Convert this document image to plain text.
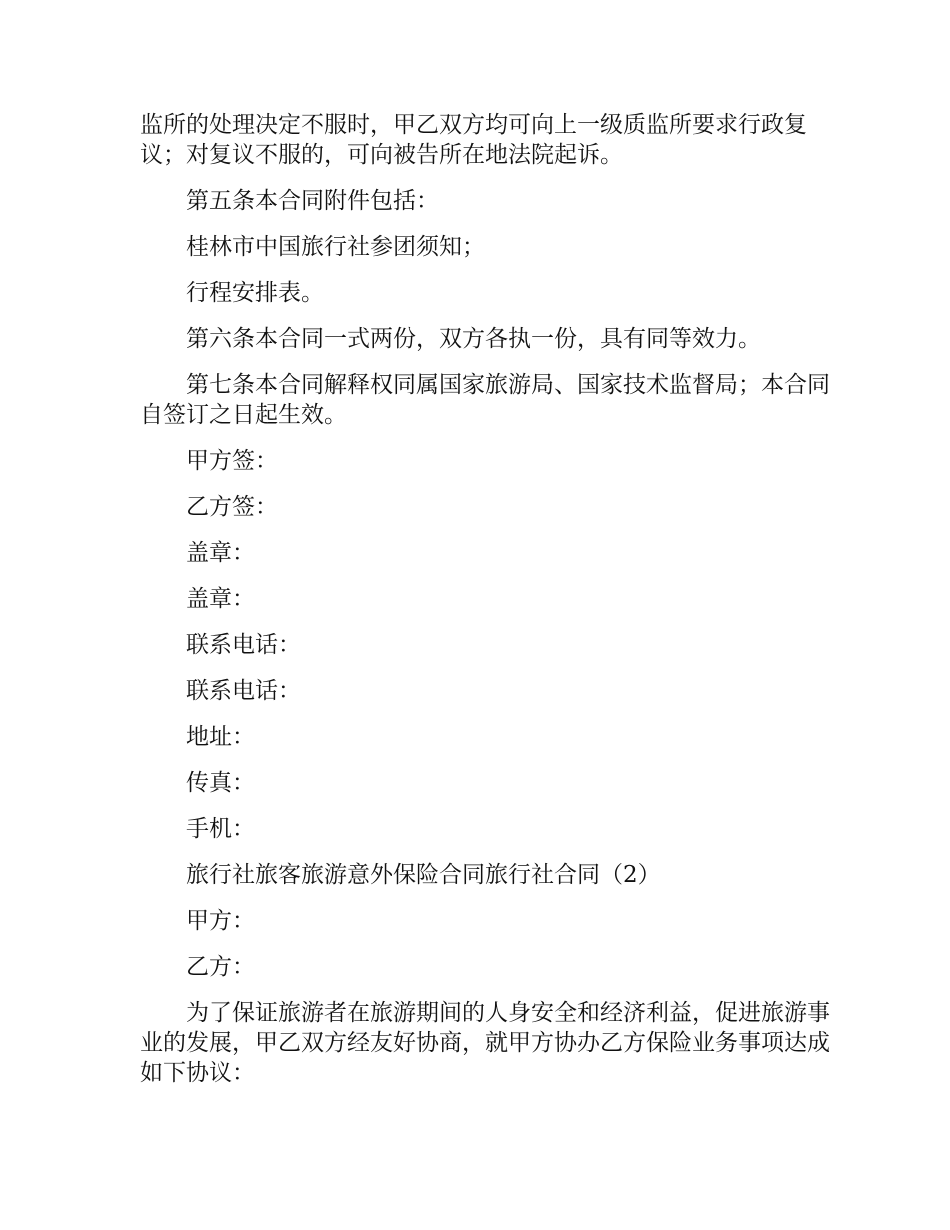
监所的处理决定不服时，甲乙双方均可向上一级质监所要求行政复议；对复议不服的，可向被告所在地法院起诉。

第五条本合同附件包括：

桂林市中国旅行社参团须知；

行程安排表。

第六条本合同一式两份，双方各执一份，具有同等效力。

第七条本合同解释权同属国家旅游局、国家技术监督局；本合同自签订之日起生效。

甲方签：

乙方签：

盖章：

盖章：

联系电话：

联系电话：

地址：

传真：

手机：

旅行社旅客旅游意外保险合同旅行社合同（2）

甲方：

乙方：

为了保证旅游者在旅游期间的人身安全和经济利益，促进旅游事业的发展，甲乙双方经友好协商，就甲方协办乙方保险业务事项达成如下协议：
